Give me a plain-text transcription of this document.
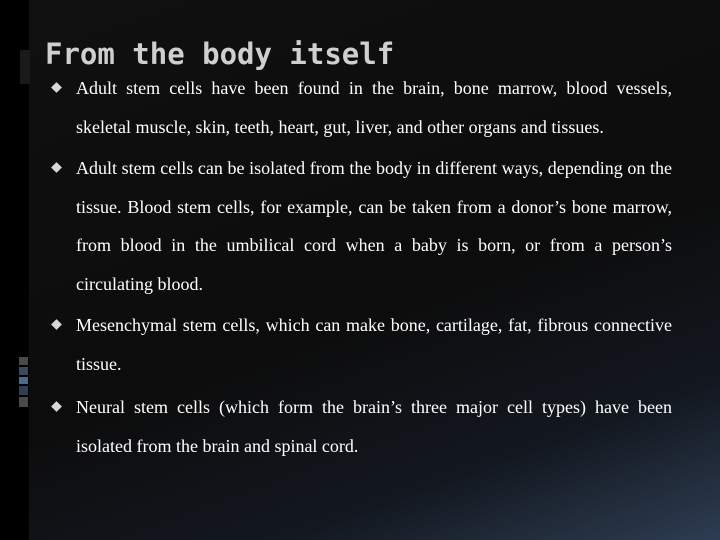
From the body itself
Adult stem cells have been found in the brain, bone marrow, blood vessels, skeletal muscle, skin, teeth, heart, gut, liver, and other organs and tissues.
Adult stem cells can be isolated from the body in different ways, depending on the tissue. Blood stem cells, for example, can be taken from a donor’s bone marrow, from blood in the umbilical cord when a baby is born, or from a person’s circulating blood.
Mesenchymal stem cells, which can make bone, cartilage, fat, fibrous connective tissue.
Neural stem cells (which form the brain’s three major cell types) have been isolated from the brain and spinal cord.
